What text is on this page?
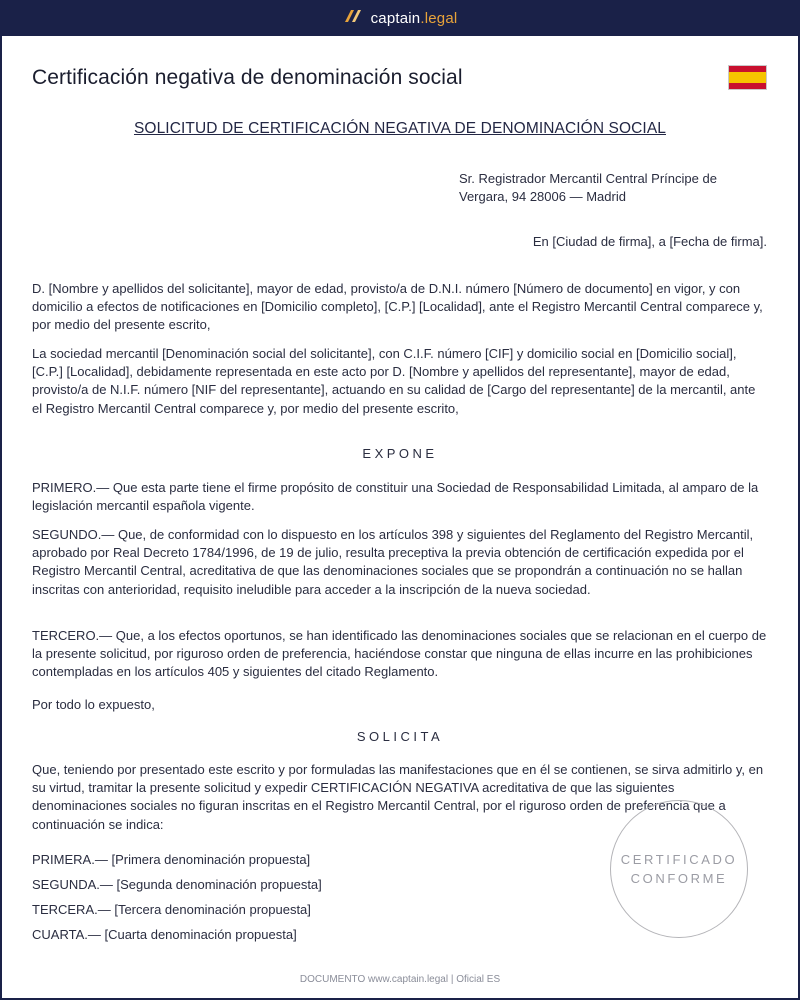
captain.legal
Certificación negativa de denominación social
SOLICITUD DE CERTIFICACIÓN NEGATIVA DE DENOMINACIÓN SOCIAL
Sr. Registrador Mercantil Central Príncipe de
Vergara, 94 28006 — Madrid
En [Ciudad de firma], a [Fecha de firma].

D. [Nombre y apellidos del solicitante], mayor de edad, provisto/a de D.N.I. número [Número de documento] en vigor, y con domicilio a efectos de notificaciones en [Domicilio completo], [C.P.] [Localidad], ante el Registro Mercantil Central comparece y, por medio del presente escrito,

La sociedad mercantil [Denominación social del solicitante], con C.I.F. número [CIF] y domicilio social en [Domicilio social], [C.P.] [Localidad], debidamente representada en este acto por D. [Nombre y apellidos del representante], mayor de edad, provisto/a de N.I.F. número [NIF del representante], actuando en su calidad de [Cargo del representante] de la mercantil, ante el Registro Mercantil Central comparece y, por medio del presente escrito,

EXPONE

PRIMERO.— Que esta parte tiene el firme propósito de constituir una Sociedad de Responsabilidad Limitada, al amparo de la legislación mercantil española vigente.

SEGUNDO.— Que, de conformidad con lo dispuesto en los artículos 398 y siguientes del Reglamento del Registro Mercantil, aprobado por Real Decreto 1784/1996, de 19 de julio, resulta preceptiva la previa obtención de certificación expedida por el Registro Mercantil Central, acreditativa de que las denominaciones sociales que se propondrán a continuación no se hallan inscritas con anterioridad, requisito ineludible para acceder a la inscripción de la nueva sociedad.

TERCERO.— Que, a los efectos oportunos, se han identificado las denominaciones sociales que se relacionan en el cuerpo de la presente solicitud, por riguroso orden de preferencia, haciéndose constar que ninguna de ellas incurre en las prohibiciones contempladas en los artículos 405 y siguientes del citado Reglamento.

Por todo lo expuesto,

SOLICITA

Que, teniendo por presentado este escrito y por formuladas las manifestaciones que en él se contienen, se sirva admitirlo y, en su virtud, tramitar la presente solicitud y expedir CERTIFICACIÓN NEGATIVA acreditativa de que las siguientes denominaciones sociales no figuran inscritas en el Registro Mercantil Central, por el riguroso orden de preferencia que a continuación se indica:

PRIMERA.— [Primera denominación propuesta]
SEGUNDA.— [Segunda denominación propuesta]
TERCERA.— [Tercera denominación propuesta]
CUARTA.— [Cuarta denominación propuesta]
CERTIFICADO
CONFORME
DOCUMENTO www.captain.legal | Oficial ES
